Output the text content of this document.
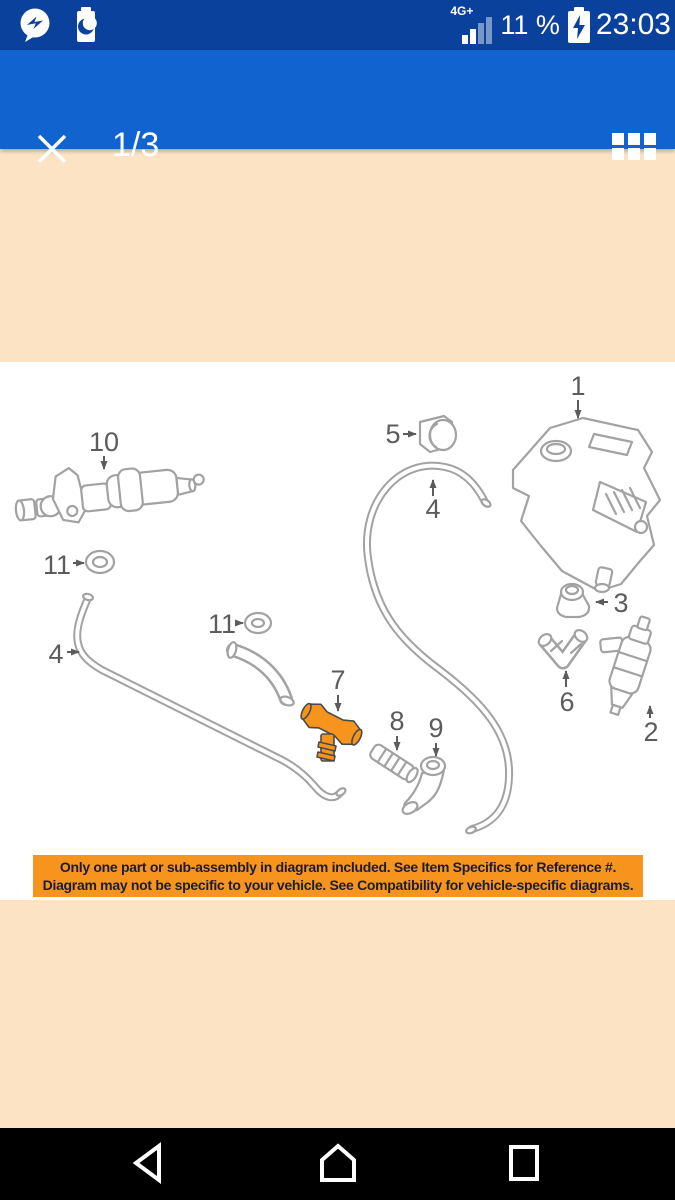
4G+ 11 % 23:03
1/3
1
2
3
4
4
5
6
7
8 9
10
11
11
Only one part or sub-assembly in diagram included. See Item Specifics for Reference #.
Diagram may not be specific to your vehicle. See Compatibility for vehicle-specific diagrams.
